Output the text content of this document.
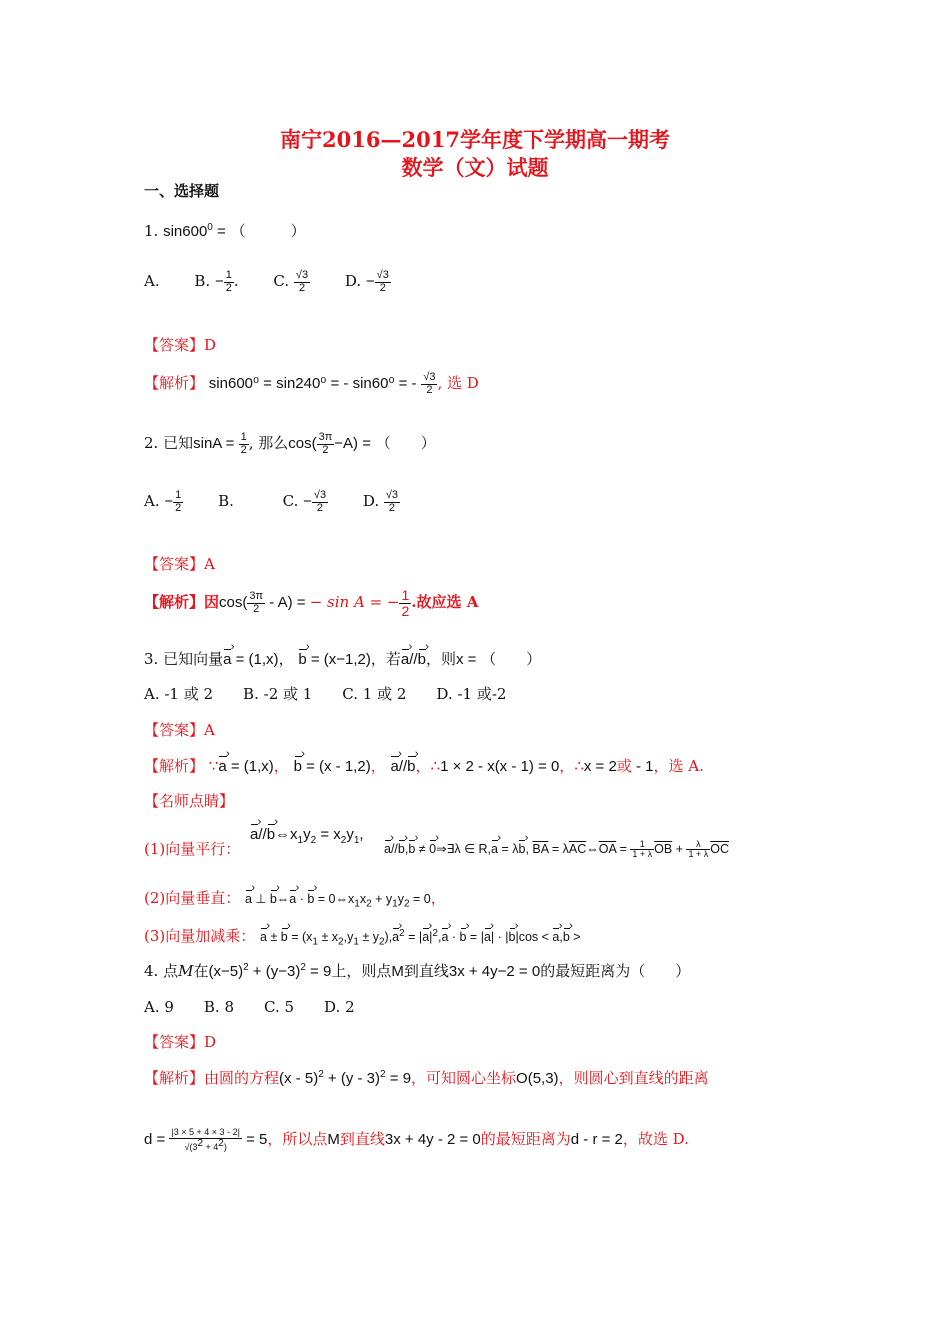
南宁2016—2017学年度下学期高一期考
数学（文）试题
一、选择题
1. $\sin 600^0$ = （　　　）
A. B. − $\frac{1}{2}$ . C. $\frac{√3}{2} D$. − $\frac{√3}{2}$
【答案】D
【解析】 sin600⁰ = sin240⁰ = - sin60⁰ = - $\frac{√3}{2}$ , 选 D
2. 已知$\sin A = \frac{1}{2}$ , 那么$\cos( \frac{3\pi}{2} -A)$ = （　　）
A. − $\frac{1}{2} B$.	C. − $\frac{√3}{2} D$. $\frac{√3}{2}$
【答案】A
【解析】因$\cos( \frac{3\pi}{2} - A)$ = − sin A = − $\frac{1}{2}$ .故应选 A
3. 已知向量a › = (1,x)， b › = (x−1,2)，若a ›//b ›，则x = （　　）
A. -1 或 2　　B. -2 或 1　　C. 1 或 2　　D. -1 或-2
【答案】A
【解析】 ∵a › = (1,x)， b › = (x - 1,2)， a ›//b ›，∴1 × 2 - x(x - 1) = 0，∴x = 2或 - 1，选 A.
【名师点睛】
(1)向量平行：
a ›//b $›\Leftrightarrow x_1y_2 = x_2y_1$,
a ›//b ›,b › ≠ 0 ›⇒∃λ ∈ R,a › = λb ›, $\overline{BA}$ = $\lambda\overline{AC}\Leftrightarrow\overline{OA} = \frac{1}{1 + \lambda} \overline{OB} + \frac{\lambda}{1 + \lambda} \overline{OC}$
(2)向量垂直： a › ⊥ b ›⇔a › · b › = $0\Leftrightarrow x_1x_2 + y_1y_2 = 0$，
(3)向量加减乘： a › ± b › = $(x_1 \pm x_2,y_1 \pm y_2),a$ ›$^2$ = |a $›|^2,a$ › · b › = |a ›| · |b ›|cos < a ›,b › >
4. 点M在$(x-5)^2 + (y-3)^2 = 9$上，则点M到直线3x + 4y−2 = 0的最短距离为（　　）
A. 9　　B. 8　　C. 5　　D. 2
【答案】D
【解析】由圆的方程(x - 5)$^2$ + (y - 3)$^2$ = 9，可知圆心坐标O(5,3)，则圆心到直线的距离
$d = \frac{|3 \times 5 + 4 \times 3 - 2|}{√(3^2 + 4^2)} = 5$，所以点M到直线3x + 4y - 2 = 0的最短距离为d - r = 2，故选 D.
